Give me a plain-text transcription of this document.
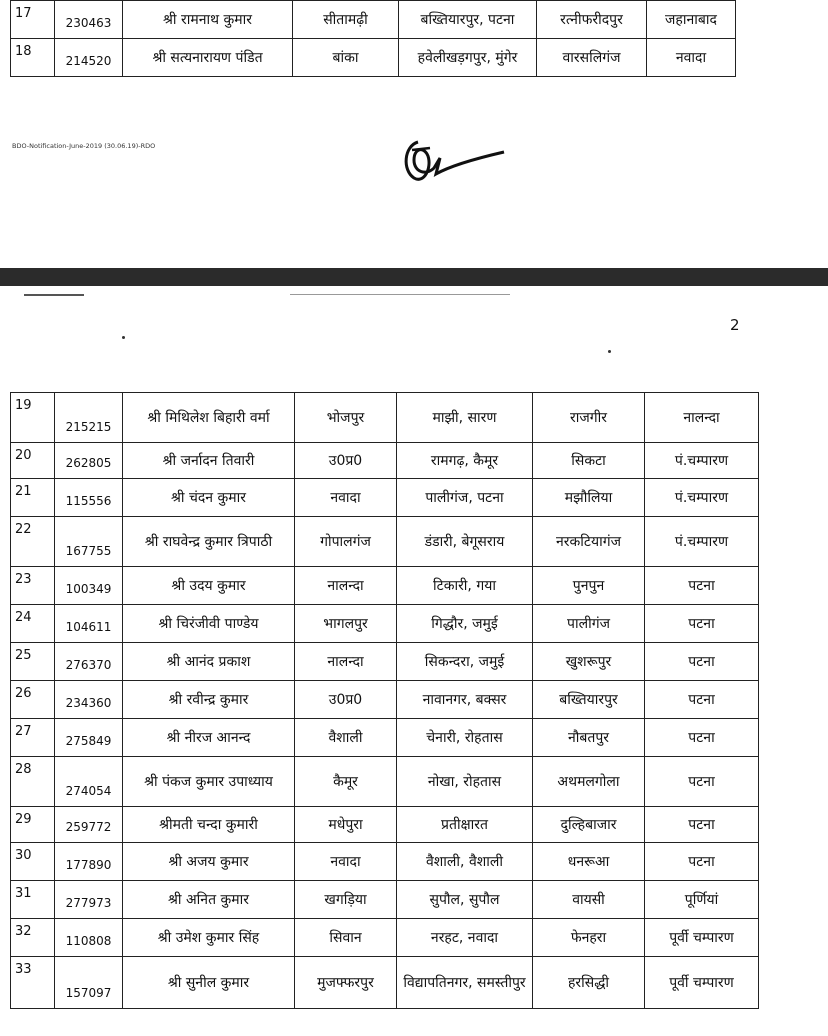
17	230463	श्री रामनाथ कुमार	सीतामढ़ी	बख्तियारपुर, पटना	रत्नीफरीदपुर	जहानाबाद
18	214520	श्री सत्यनारायण पंडित	बांका	हवेलीखड़गपुर, मुंगेर	वारसलिगंज	नवादा
BDO-Notification-June-2019 (30.06.19)-RDO
2
19	215215	श्री मिथिलेश बिहारी वर्मा	भोजपुर	माझी, सारण	राजगीर	नालन्दा
20	262805	श्री जर्नादन तिवारी	उ0प्र0	रामगढ़, कैमूर	सिकटा	पं.चम्पारण
21	115556	श्री चंदन कुमार	नवादा	पालीगंज, पटना	मझौलिया	पं.चम्पारण
22	167755	श्री राघवेन्द्र कुमार त्रिपाठी	गोपालगंज	डंडारी, बेगूसराय	नरकटियागंज	पं.चम्पारण
23	100349	श्री उदय कुमार	नालन्दा	टिकारी, गया	पुनपुन	पटना
24	104611	श्री चिरंजीवी पाण्डेय	भागलपुर	गिद्धौर, जमुई	पालीगंज	पटना
25	276370	श्री आनंद प्रकाश	नालन्दा	सिकन्दरा, जमुई	खुशरूपुर	पटना
26	234360	श्री रवीन्द्र कुमार	उ0प्र0	नावानगर, बक्सर	बख्तियारपुर	पटना
27	275849	श्री नीरज आनन्द	वैशाली	चेनारी, रोहतास	नौबतपुर	पटना
28	274054	श्री पंकज कुमार उपाध्याय	कैमूर	नोखा, रोहतास	अथमलगोला	पटना
29	259772	श्रीमती चन्दा कुमारी	मधेपुरा	प्रतीक्षारत	दुल्हिबाजार	पटना
30	177890	श्री अजय कुमार	नवादा	वैशाली, वैशाली	धनरूआ	पटना
31	277973	श्री अनित कुमार	खगड़िया	सुपौल, सुपौल	वायसी	पूर्णियां
32	110808	श्री उमेश कुमार सिंह	सिवान	नरहट, नवादा	फेनहरा	पूर्वी चम्पारण
33	157097	श्री सुनील कुमार	मुजफ्फरपुर	विद्यापतिनगर, समस्तीपुर	हरसिद्धी	पूर्वी चम्पारण
